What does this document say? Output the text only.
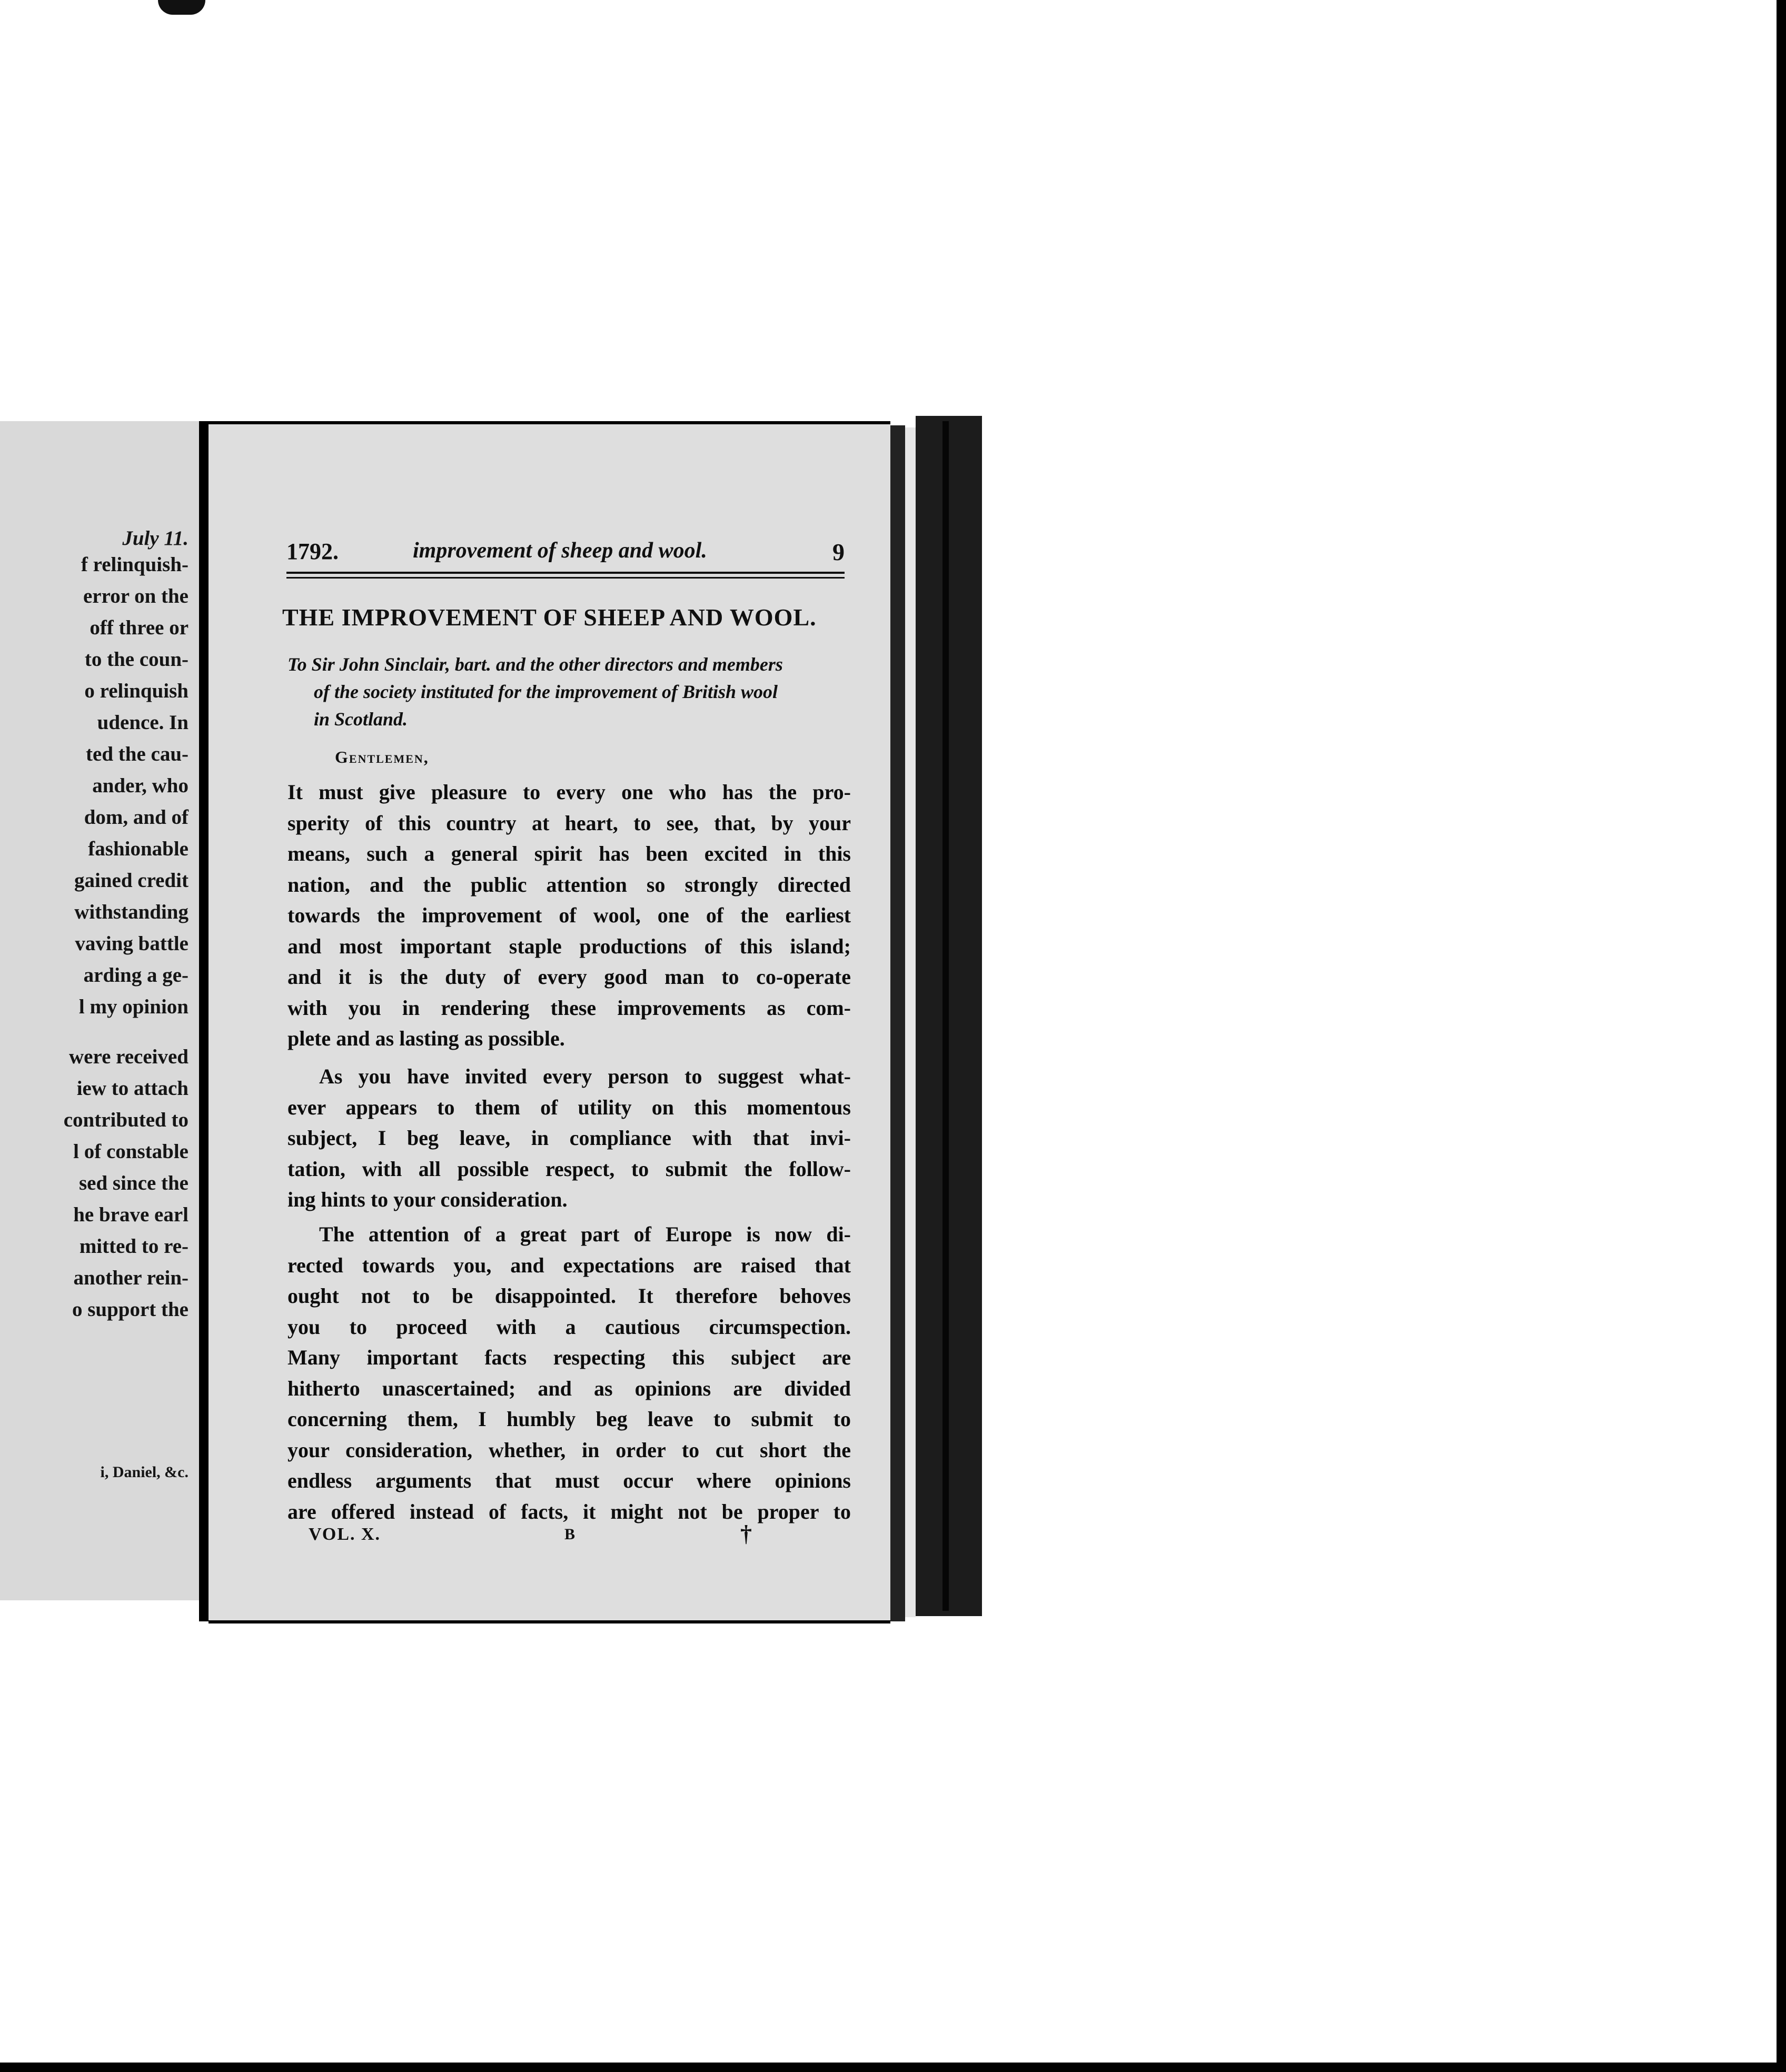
July 11.
f relinquish-
error on the
off three or
to the coun-
o relinquish
udence. In
ted the cau-
ander, who
dom, and of
fashionable
gained credit
withstanding
vaving battle
arding a ge-
l my opinion
were received
iew to attach
contributed to
l of constable
sed since the
he brave earl
mitted to re-
another rein-
o support the
i, Daniel, &c.
1792.	improvement of sheep and wool.	9
THE IMPROVEMENT OF SHEEP AND WOOL.
To Sir John Sinclair, bart. and the other directors and members
of the society instituted for the improvement of British wool
in Scotland.
Gentlemen,
It must give pleasure to every one who has the pro-
sperity of this country at heart, to see, that, by your
means, such a general spirit has been excited in this
nation, and the public attention so strongly directed
towards the improvement of wool, one of the earliest
and most important staple productions of this island;
and it is the duty of every good man to co-operate
with you in rendering these improvements as com-
plete and as lasting as possible.
As you have invited every person to suggest what-
ever appears to them of utility on this momentous
subject, I beg leave, in compliance with that invi-
tation, with all possible respect, to submit the follow-
ing hints to your consideration.
The attention of a great part of Europe is now di-
rected towards you, and expectations are raised that
ought not to be disappointed. It therefore behoves
you to proceed with a cautious circumspection.
Many important facts respecting this subject are
hitherto unascertained; and as opinions are divided
concerning them, I humbly beg leave to submit to
your consideration, whether, in order to cut short the
endless arguments that must occur where opinions
are offered instead of facts, it might not be proper to
VOL. X.	B	†
